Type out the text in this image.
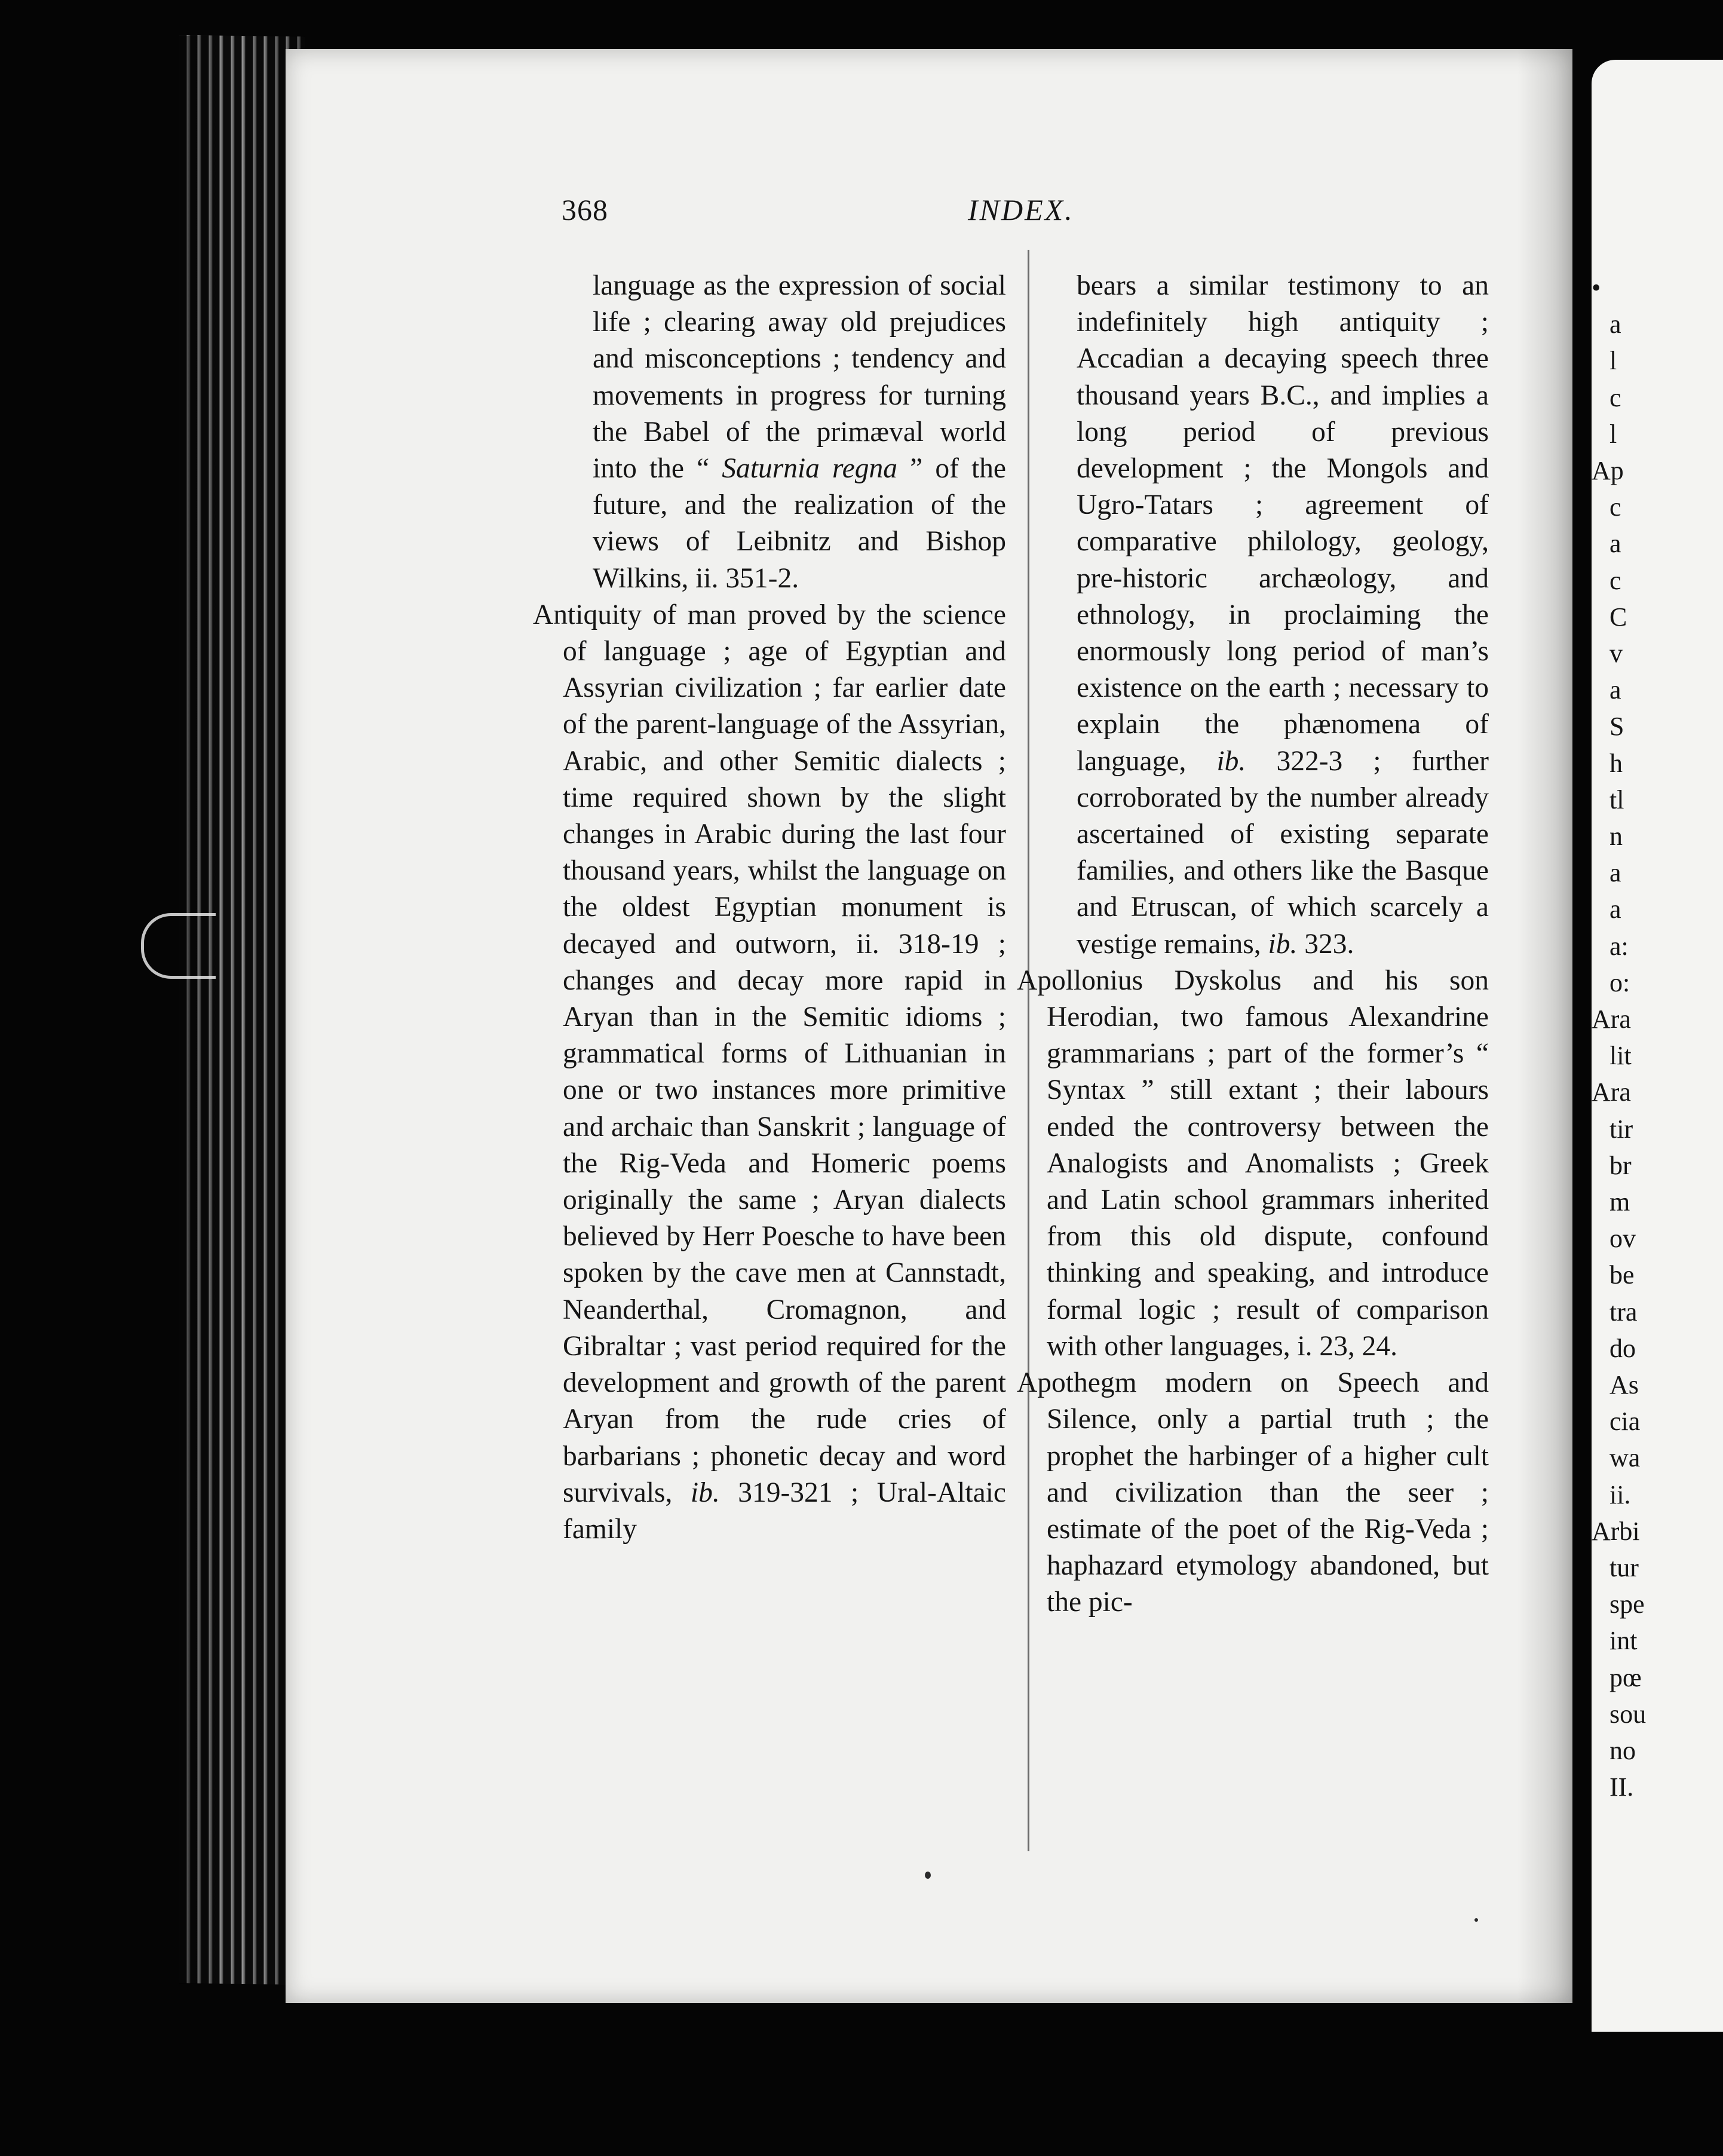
•
a
l
c
l
Ap
c
a
c
C
v
a
S
h
tl
n
a
a
a:
o:
Ara
lit
Ara
tir
br
m
ov
be
tra
do
As
cia
wa
ii.
Arbi
tur
spe
int
pœ
sou
no
II.
368	INDEX.

language as the expression of social life ; clearing away old prejudices and misconceptions ; tendency and movements in progress for turning the Babel of the primæval world into the “ Saturnia regna ” of the future, and the realization of the views of Leibnitz and Bishop Wilkins, ii. 351-2.

Antiquity of man proved by the science of language ; age of Egyptian and Assyrian civilization ; far earlier date of the parent-language of the Assyrian, Arabic, and other Semitic dialects ; time required shown by the slight changes in Arabic during the last four thousand years, whilst the language on the oldest Egyptian monument is decayed and outworn, ii. 318-19 ; changes and decay more rapid in Aryan than in the Semitic idioms ; grammatical forms of Lithuanian in one or two instances more primitive and archaic than Sanskrit ; language of the Rig-Veda and Homeric poems originally the same ; Aryan dialects believed by Herr Poesche to have been spoken by the cave men at Cannstadt, Neanderthal, Cromagnon, and Gibraltar ; vast period required for the development and growth of the parent Aryan from the rude cries of barbarians ; phonetic decay and word survivals, ib. 319-321 ; Ural-Altaic family

bears a similar testimony to an indefinitely high antiquity ; Accadian a decaying speech three thousand years B.C., and implies a long period of previous development ; the Mongols and Ugro-Tatars ; agreement of comparative philology, geology, pre-historic archæology, and ethnology, in proclaiming the enormously long period of man’s existence on the earth ; necessary to explain the phænomena of language, ib. 322-3 ; further corroborated by the number already ascertained of existing separate families, and others like the Basque and Etruscan, of which scarcely a vestige remains, ib. 323.

Apollonius Dyskolus and his son Herodian, two famous Alexandrine grammarians ; part of the former’s “ Syntax ” still extant ; their labours ended the controversy between the Analogists and Anomalists ; Greek and Latin school grammars inherited from this old dispute, confound thinking and speaking, and introduce formal logic ; result of comparison with other languages, i. 23, 24.

Apothegm modern on Speech and Silence, only a partial truth ; the prophet the harbinger of a higher cult and civilization than the seer ; estimate of the poet of the Rig-Veda ; haphazard etymology abandoned, but the pic-
